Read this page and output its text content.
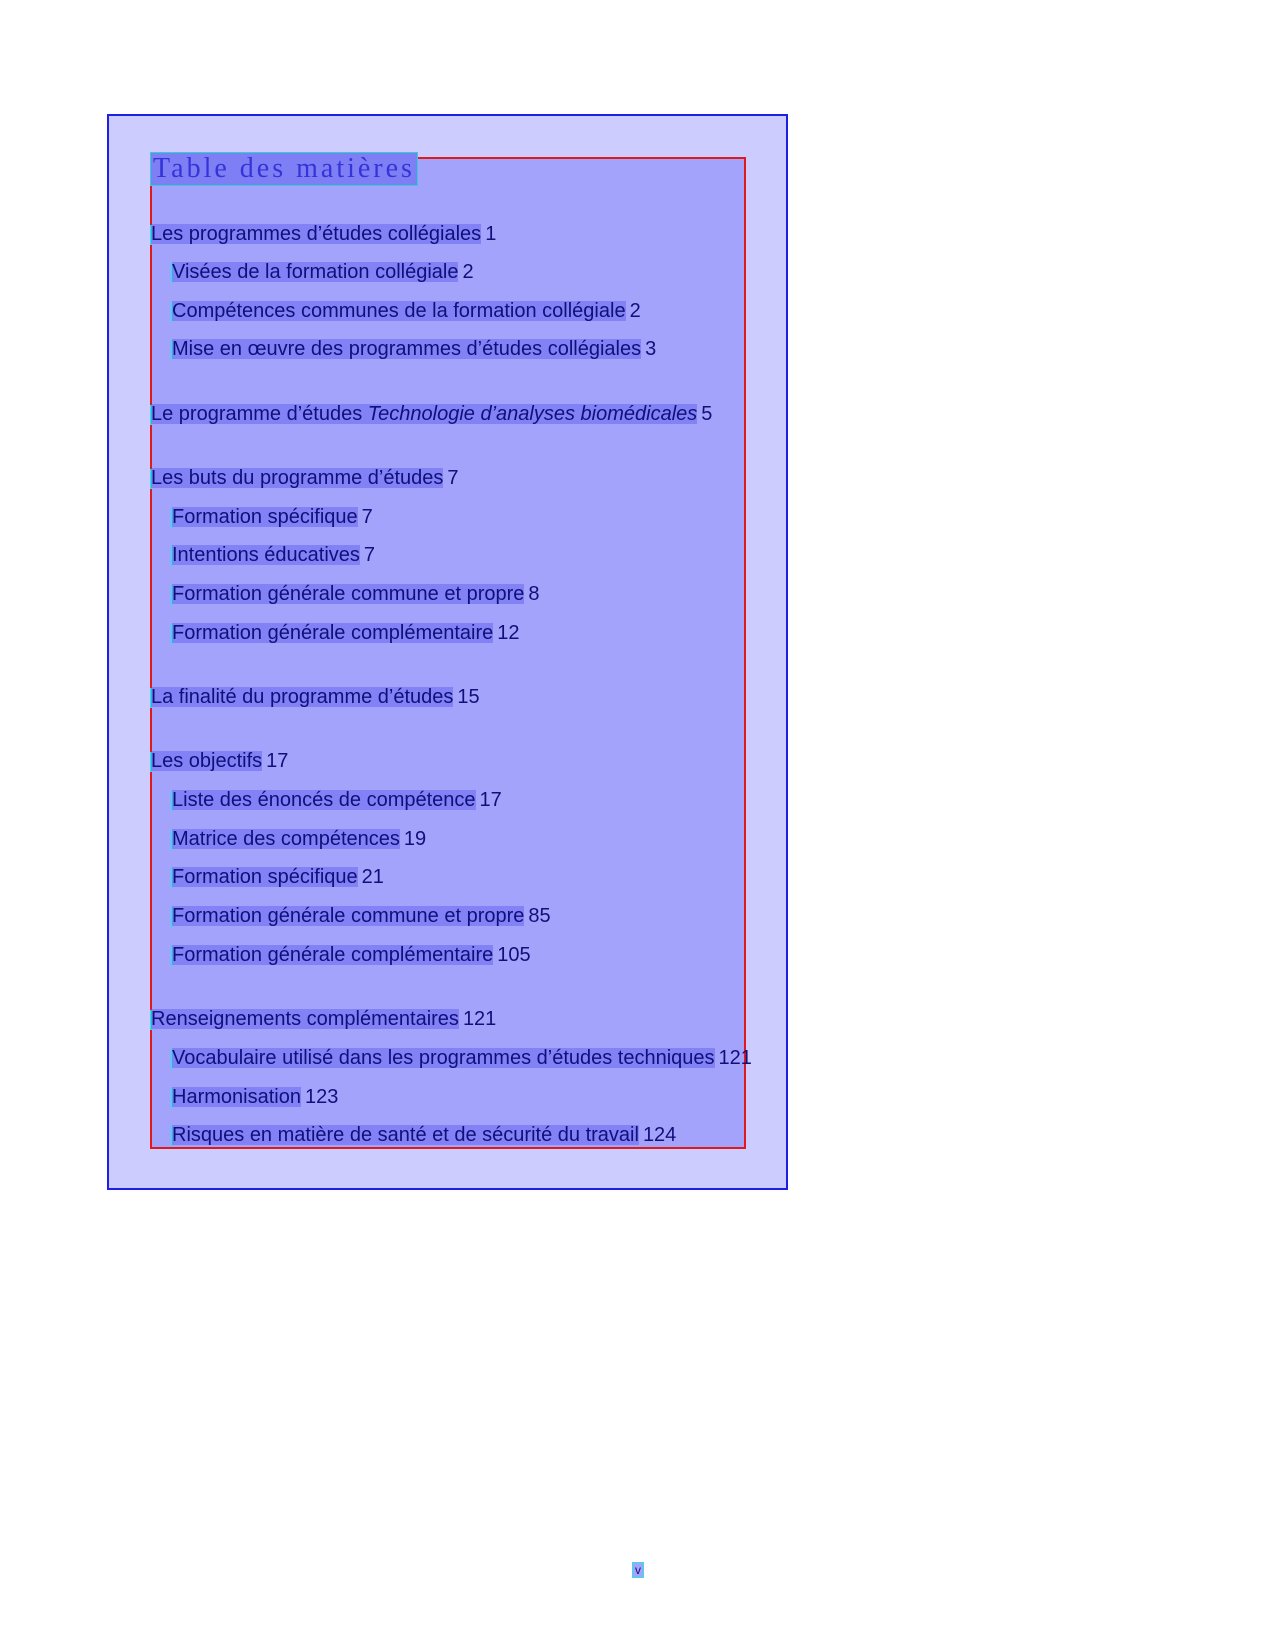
Table des matières
Les programmes d’études collégiales 1
Visées de la formation collégiale 2
Compétences communes de la formation collégiale 2
Mise en œuvre des programmes d’études collégiales 3
Le programme d’études Technologie d’analyses biomédicales 5
Les buts du programme d’études 7
Formation spécifique 7
Intentions éducatives 7
Formation générale commune et propre 8
Formation générale complémentaire 12
La finalité du programme d’études 15
Les objectifs 17
Liste des énoncés de compétence 17
Matrice des compétences 19
Formation spécifique 21
Formation générale commune et propre 85
Formation générale complémentaire 105
Renseignements complémentaires 121
Vocabulaire utilisé dans les programmes d’études techniques 121
Harmonisation 123
Risques en matière de santé et de sécurité du travail 124
v
